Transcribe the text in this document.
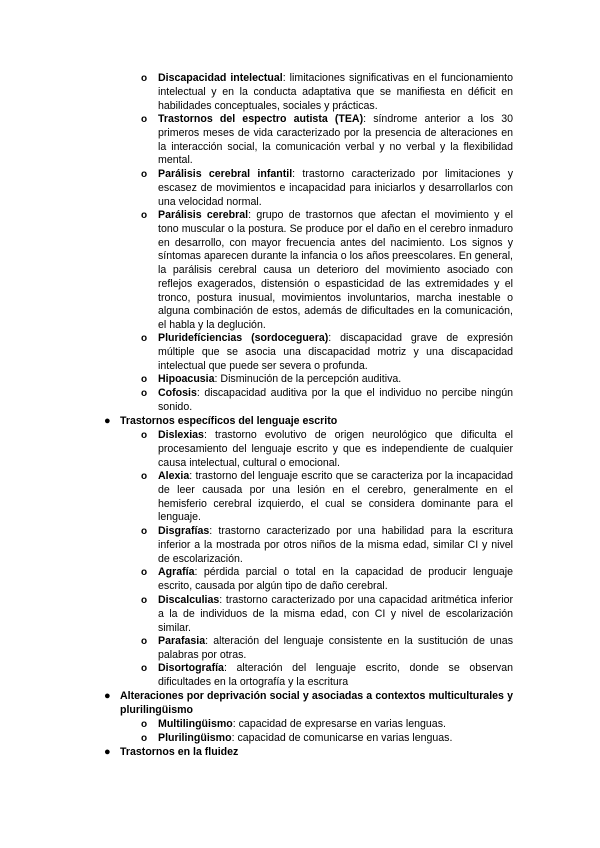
o Discapacidad intelectual: limitaciones significativas en el funcionamiento intelectual y en la conducta adaptativa que se manifiesta en déficit en habilidades conceptuales, sociales y prácticas.
o Trastornos del espectro autista (TEA): síndrome anterior a los 30 primeros meses de vida caracterizado por la presencia de alteraciones en la interacción social, la comunicación verbal y no verbal y la flexibilidad mental.
o Parálisis cerebral infantil: trastorno caracterizado por limitaciones y escasez de movimientos e incapacidad para iniciarlos y desarrollarlos con una velocidad normal.
o Parálisis cerebral: grupo de trastornos que afectan el movimiento y el tono muscular o la postura. Se produce por el daño en el cerebro inmaduro en desarrollo, con mayor frecuencia antes del nacimiento. Los signos y síntomas aparecen durante la infancia o los años preescolares. En general, la parálisis cerebral causa un deterioro del movimiento asociado con reflejos exagerados, distensión o espasticidad de las extremidades y el tronco, postura inusual, movimientos involuntarios, marcha inestable o alguna combinación de estos, además de dificultades en la comunicación, el habla y la deglución.
o Pluridefíciencias (sordoceguera): discapacidad grave de expresión múltiple que se asocia una discapacidad motriz y una discapacidad intelectual que puede ser severa o profunda.
o Hipoacusia: Disminución de la percepción auditiva.
o Cofosis: discapacidad auditiva por la que el individuo no percibe ningún sonido.
● Trastornos específicos del lenguaje escrito
o Dislexias: trastorno evolutivo de origen neurológico que dificulta el procesamiento del lenguaje escrito y que es independiente de cualquier causa intelectual, cultural o emocional.
o Alexia: trastorno del lenguaje escrito que se caracteriza por la incapacidad de leer causada por una lesión en el cerebro, generalmente en el hemisferio cerebral izquierdo, el cual se considera dominante para el lenguaje.
o Disgrafías: trastorno caracterizado por una habilidad para la escritura inferior a la mostrada por otros niños de la misma edad, similar CI y nivel de escolarización.
o Agrafía: pérdida parcial o total en la capacidad de producir lenguaje escrito, causada por algún tipo de daño cerebral.
o Discalculias: trastorno caracterizado por una capacidad aritmética inferior a la de individuos de la misma edad, con CI y nivel de escolarización similar.
o Parafasia: alteración del lenguaje consistente en la sustitución de unas palabras por otras.
o Disortografía: alteración del lenguaje escrito, donde se observan dificultades en la ortografía y la escritura
● Alteraciones por deprivación social y asociadas a contextos multiculturales y plurilingüismo
o Multilingüismo: capacidad de expresarse en varias lenguas.
o Plurilingüismo: capacidad de comunicarse en varias lenguas.
● Trastornos en la fluidez
